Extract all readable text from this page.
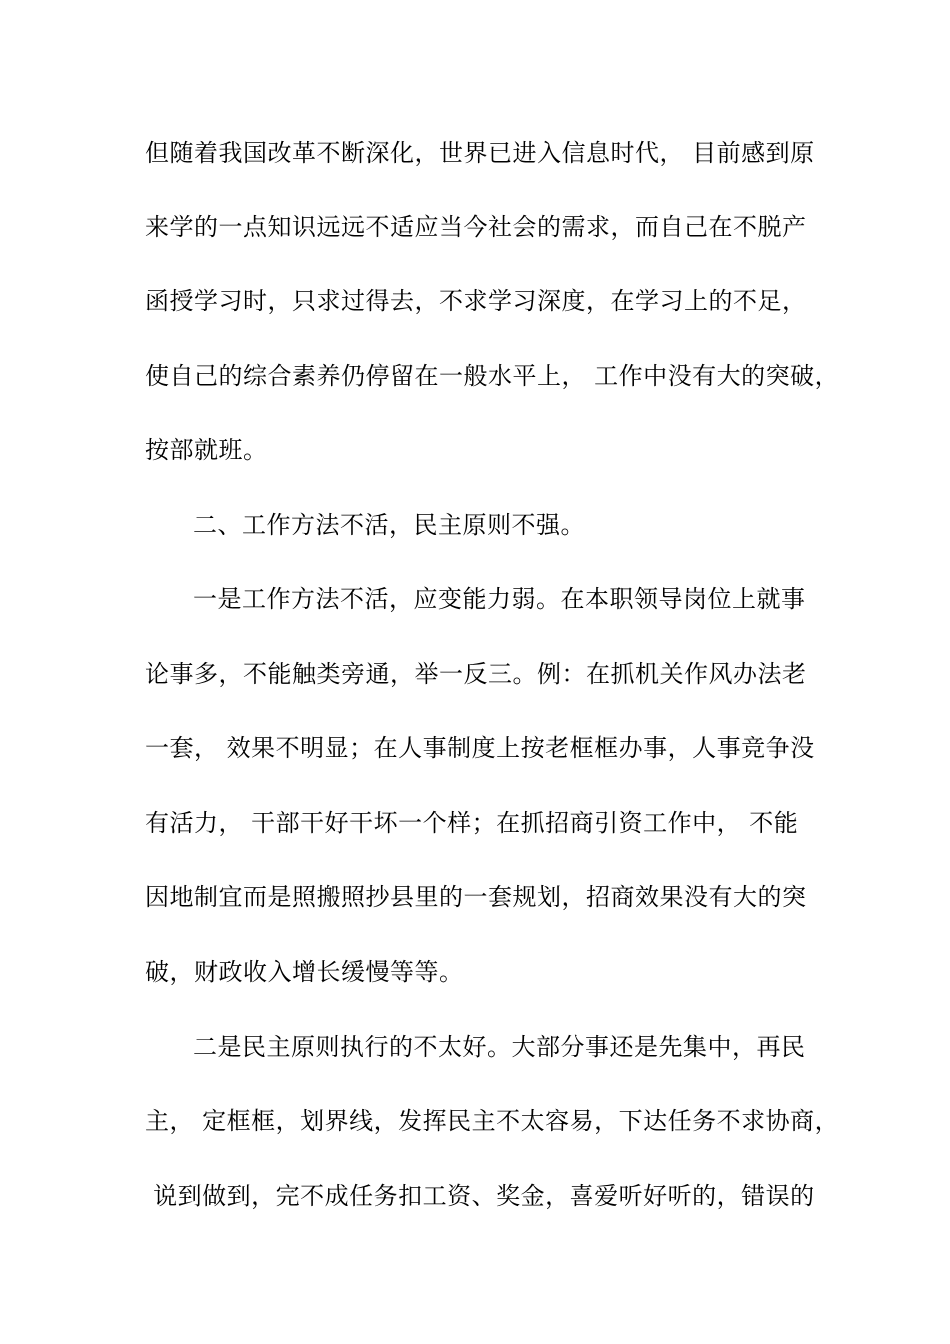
但随着我国改革不断深化，世界已进入信息时代， 目前感到原
来学的一点知识远远不适应当今社会的需求，而自己在不脱产
函授学习时，只求过得去，不求学习深度，在学习上的不足，
使自己的综合素养仍停留在一般水平上， 工作中没有大的突破，
按部就班。
二、工作方法不活，民主原则不强。
一是工作方法不活，应变能力弱。在本职领导岗位上就事
论事多，不能触类旁通，举一反三。例：在抓机关作风办法老
一套， 效果不明显；在人事制度上按老框框办事，人事竞争没
有活力， 干部干好干坏一个样；在抓招商引资工作中， 不能
因地制宜而是照搬照抄县里的一套规划，招商效果没有大的突
破，财政收入增长缓慢等等。
二是民主原则执行的不太好。大部分事还是先集中，再民
主， 定框框，划界线，发挥民主不太容易，下达任务不求协商，
说到做到，完不成任务扣工资、奖金，喜爱听好听的，错误的
